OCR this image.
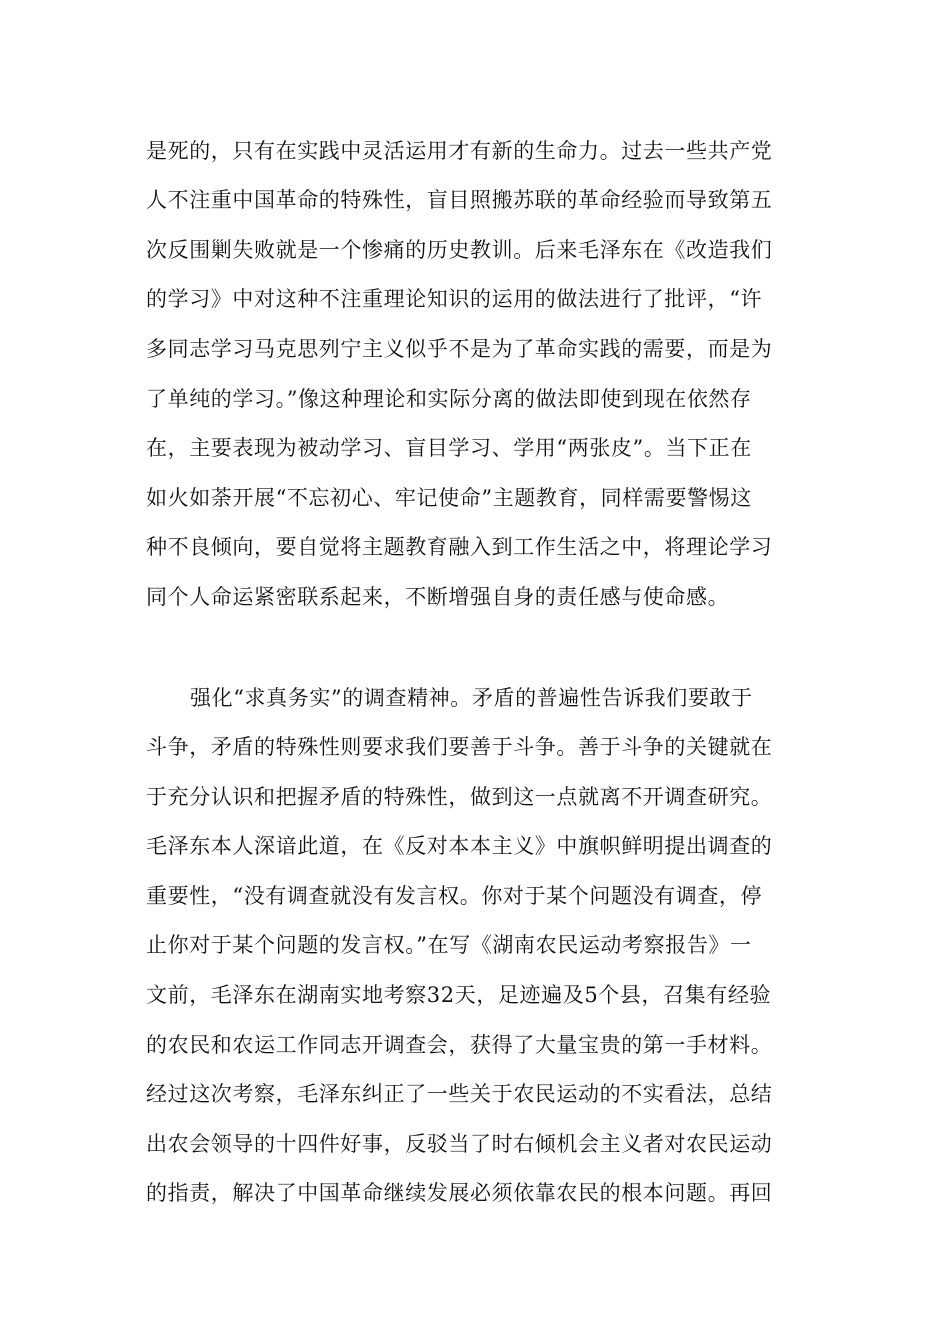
是死的，只有在实践中灵活运用才有新的生命力。过去一些共产党
人不注重中国革命的特殊性，盲目照搬苏联的革命经验而导致第五
次反围剿失败就是一个惨痛的历史教训。后来毛泽东在《改造我们
的学习》中对这种不注重理论知识的运用的做法进行了批评，“许
多同志学习马克思列宁主义似乎不是为了革命实践的需要，而是为
了单纯的学习。”像这种理论和实际分离的做法即使到现在依然存
在，主要表现为被动学习、盲目学习、学用“两张皮”。当下正在
如火如荼开展“不忘初心、牢记使命”主题教育，同样需要警惕这
种不良倾向，要自觉将主题教育融入到工作生活之中，将理论学习
同个人命运紧密联系起来，不断增强自身的责任感与使命感。
强化“求真务实”的调查精神。矛盾的普遍性告诉我们要敢于
斗争，矛盾的特殊性则要求我们要善于斗争。善于斗争的关键就在
于充分认识和把握矛盾的特殊性，做到这一点就离不开调查研究。
毛泽东本人深谙此道，在《反对本本主义》中旗帜鲜明提出调查的
重要性，“没有调查就没有发言权。你对于某个问题没有调查，停
止你对于某个问题的发言权。”在写《湖南农民运动考察报告》一
文前，毛泽东在湖南实地考察32天，足迹遍及5个县，召集有经验
的农民和农运工作同志开调查会，获得了大量宝贵的第一手材料。
经过这次考察，毛泽东纠正了一些关于农民运动的不实看法，总结
出农会领导的十四件好事，反驳当了时右倾机会主义者对农民运动
的指责，解决了中国革命继续发展必须依靠农民的根本问题。再回
